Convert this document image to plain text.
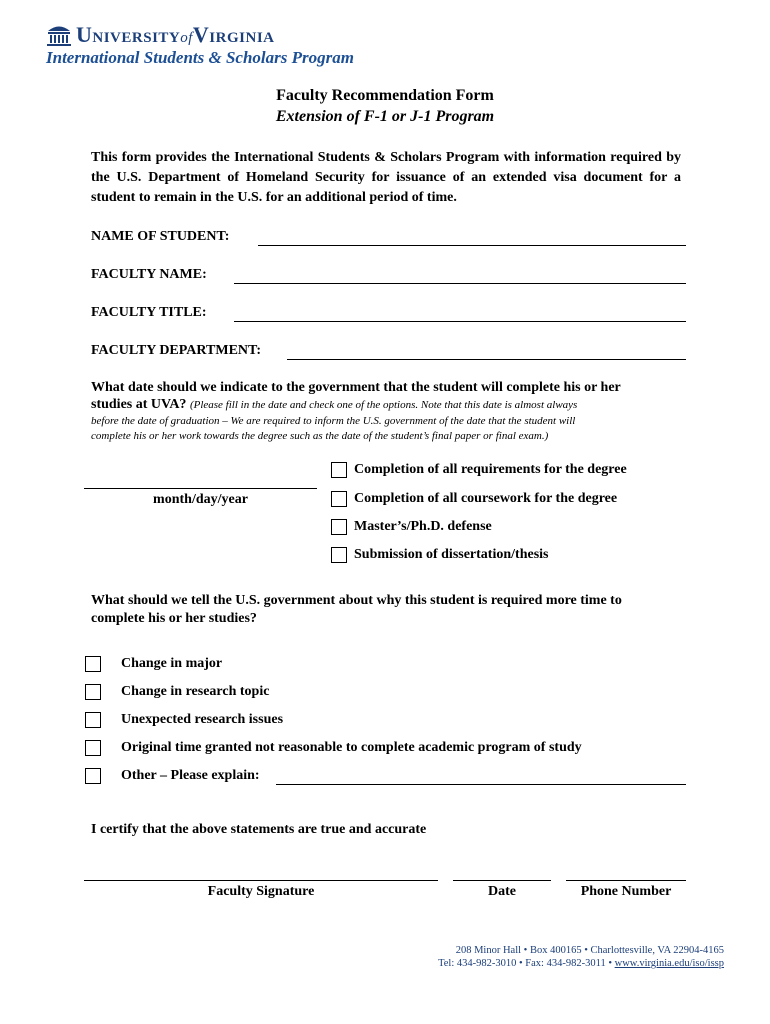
UniversityofVirginia
International Students & Scholars Program
Faculty Recommendation Form
Extension of F-1 or J-1 Program
This form provides the International Students & Scholars Program with information required by the U.S. Department of Homeland Security for issuance of an extended visa document for a student to remain in the U.S. for an additional period of time.
NAME OF STUDENT:
FACULTY NAME:
FACULTY TITLE:
FACULTY DEPARTMENT:
What date should we indicate to the government that the student will complete his or her
studies at UVA? (Please fill in the date and check one of the options. Note that this date is almost always
before the date of graduation – We are required to inform the U.S. government of the date that the student will
complete his or her work towards the degree such as the date of the student’s final paper or final exam.)
month/day/year
Completion of all requirements for the degree
Completion of all coursework for the degree
Master’s/Ph.D. defense
Submission of dissertation/thesis
What should we tell the U.S. government about why this student is required more time to
complete his or her studies?
Change in major
Change in research topic
Unexpected research issues
Original time granted not reasonable to complete academic program of study
Other – Please explain:
I certify that the above statements are true and accurate
Faculty Signature	Date	Phone Number
208 Minor Hall • Box 400165 • Charlottesville, VA 22904-4165
Tel: 434-982-3010 • Fax: 434-982-3011 • www.virginia.edu/iso/issp
